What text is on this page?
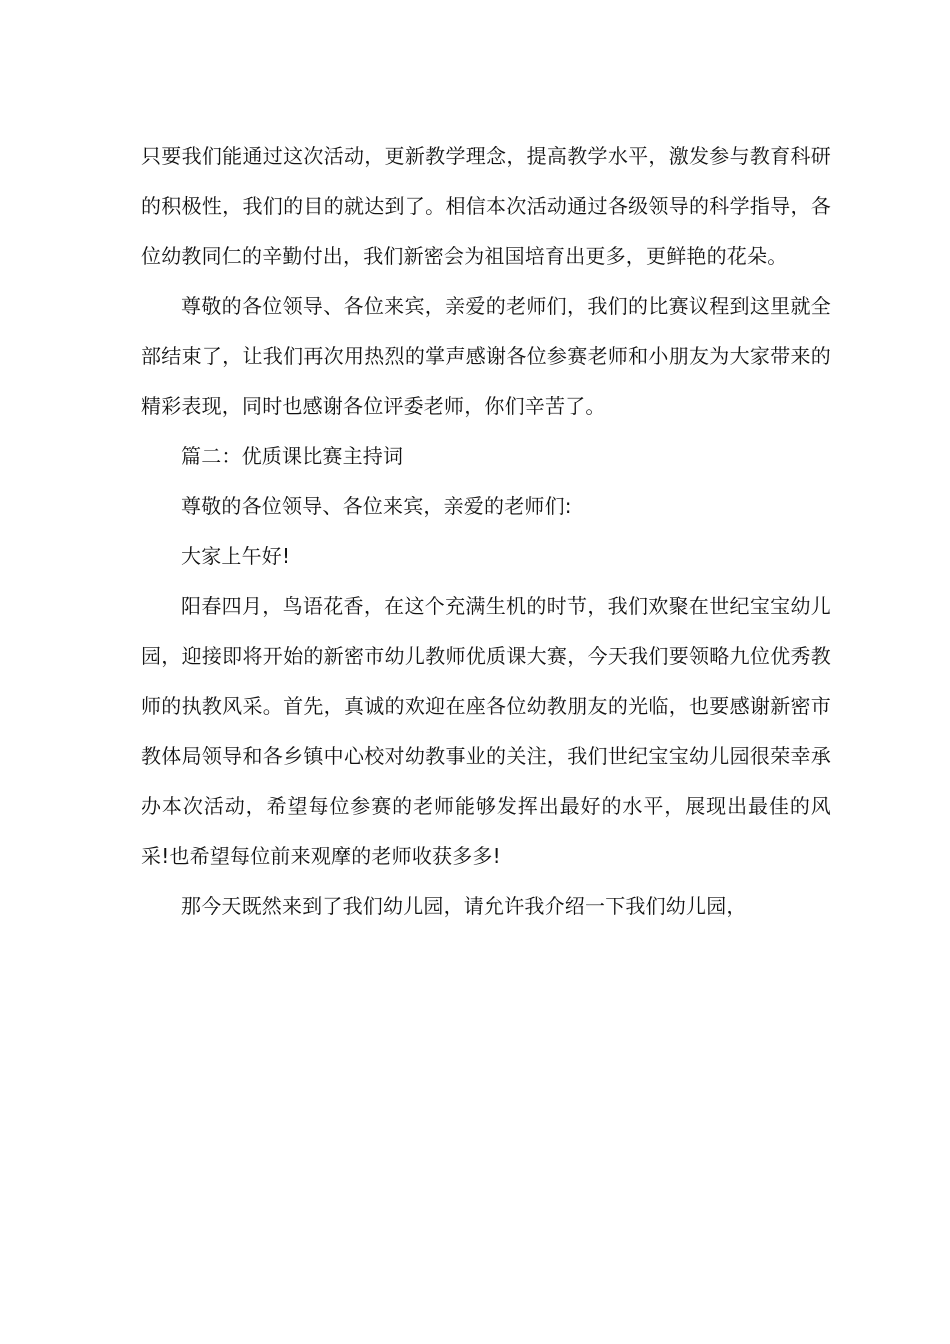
只要我们能通过这次活动，更新教学理念，提高教学水平，激发参与教育科研的积极性，我们的目的就达到了。相信本次活动通过各级领导的科学指导，各位幼教同仁的辛勤付出，我们新密会为祖国培育出更多，更鲜艳的花朵。

尊敬的各位领导、各位来宾，亲爱的老师们，我们的比赛议程到这里就全部结束了，让我们再次用热烈的掌声感谢各位参赛老师和小朋友为大家带来的精彩表现，同时也感谢各位评委老师，你们辛苦了。

篇二：优质课比赛主持词

尊敬的各位领导、各位来宾，亲爱的老师们:

大家上午好!

阳春四月，鸟语花香，在这个充满生机的时节，我们欢聚在世纪宝宝幼儿园，迎接即将开始的新密市幼儿教师优质课大赛，今天我们要领略九位优秀教师的执教风采。首先，真诚的欢迎在座各位幼教朋友的光临，也要感谢新密市教体局领导和各乡镇中心校对幼教事业的关注，我们世纪宝宝幼儿园很荣幸承办本次活动，希望每位参赛的老师能够发挥出最好的水平，展现出最佳的风采!也希望每位前来观摩的老师收获多多!

那今天既然来到了我们幼儿园，请允许我介绍一下我们幼儿园，
